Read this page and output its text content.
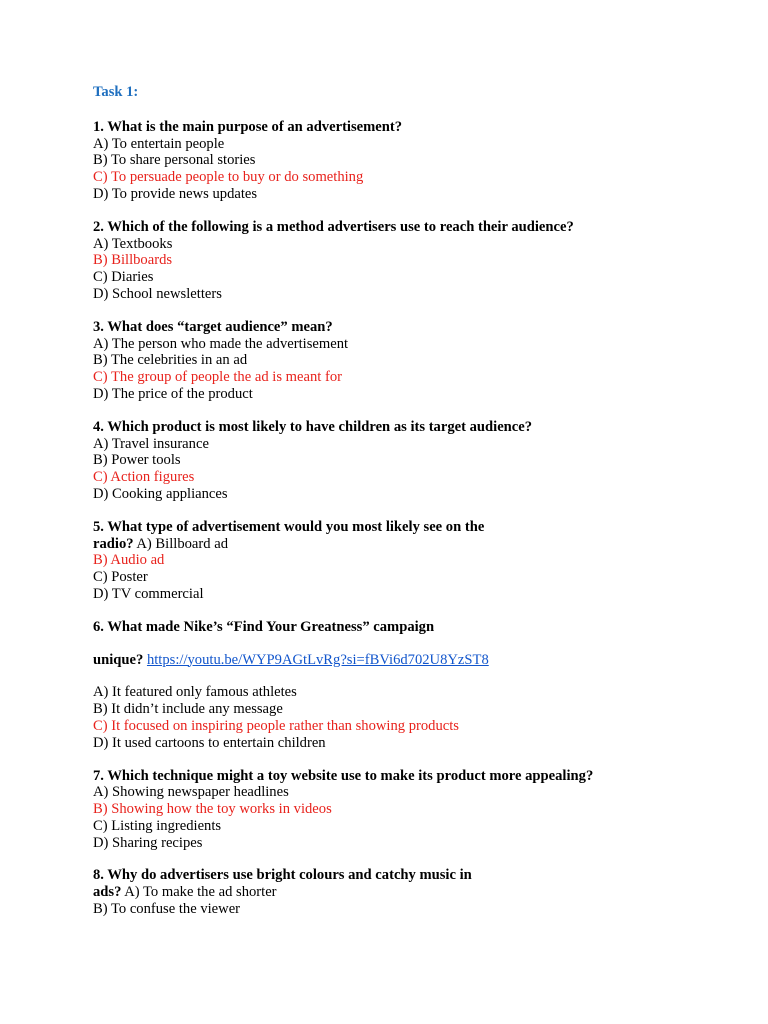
Task 1:
1. What is the main purpose of an advertisement?
A) To entertain people
B) To share personal stories
C) To persuade people to buy or do something
D) To provide news updates
2. Which of the following is a method advertisers use to reach their audience?
A) Textbooks
B) Billboards
C) Diaries
D) School newsletters
3. What does “target audience” mean?
A) The person who made the advertisement
B) The celebrities in an ad
C) The group of people the ad is meant for
D) The price of the product
4. Which product is most likely to have children as its target audience?
A) Travel insurance
B) Power tools
C) Action figures
D) Cooking appliances
5. What type of advertisement would you most likely see on the
radio? A) Billboard ad
B) Audio ad
C) Poster
D) TV commercial
6. What made Nike’s “Find Your Greatness” campaign
unique? https://youtu.be/WYP9AGtLvRg?si=fBVi6d702U8YzST8
A) It featured only famous athletes
B) It didn’t include any message
C) It focused on inspiring people rather than showing products
D) It used cartoons to entertain children
7. Which technique might a toy website use to make its product more appealing?
A) Showing newspaper headlines
B) Showing how the toy works in videos
C) Listing ingredients
D) Sharing recipes
8. Why do advertisers use bright colours and catchy music in
ads? A) To make the ad shorter
B) To confuse the viewer
